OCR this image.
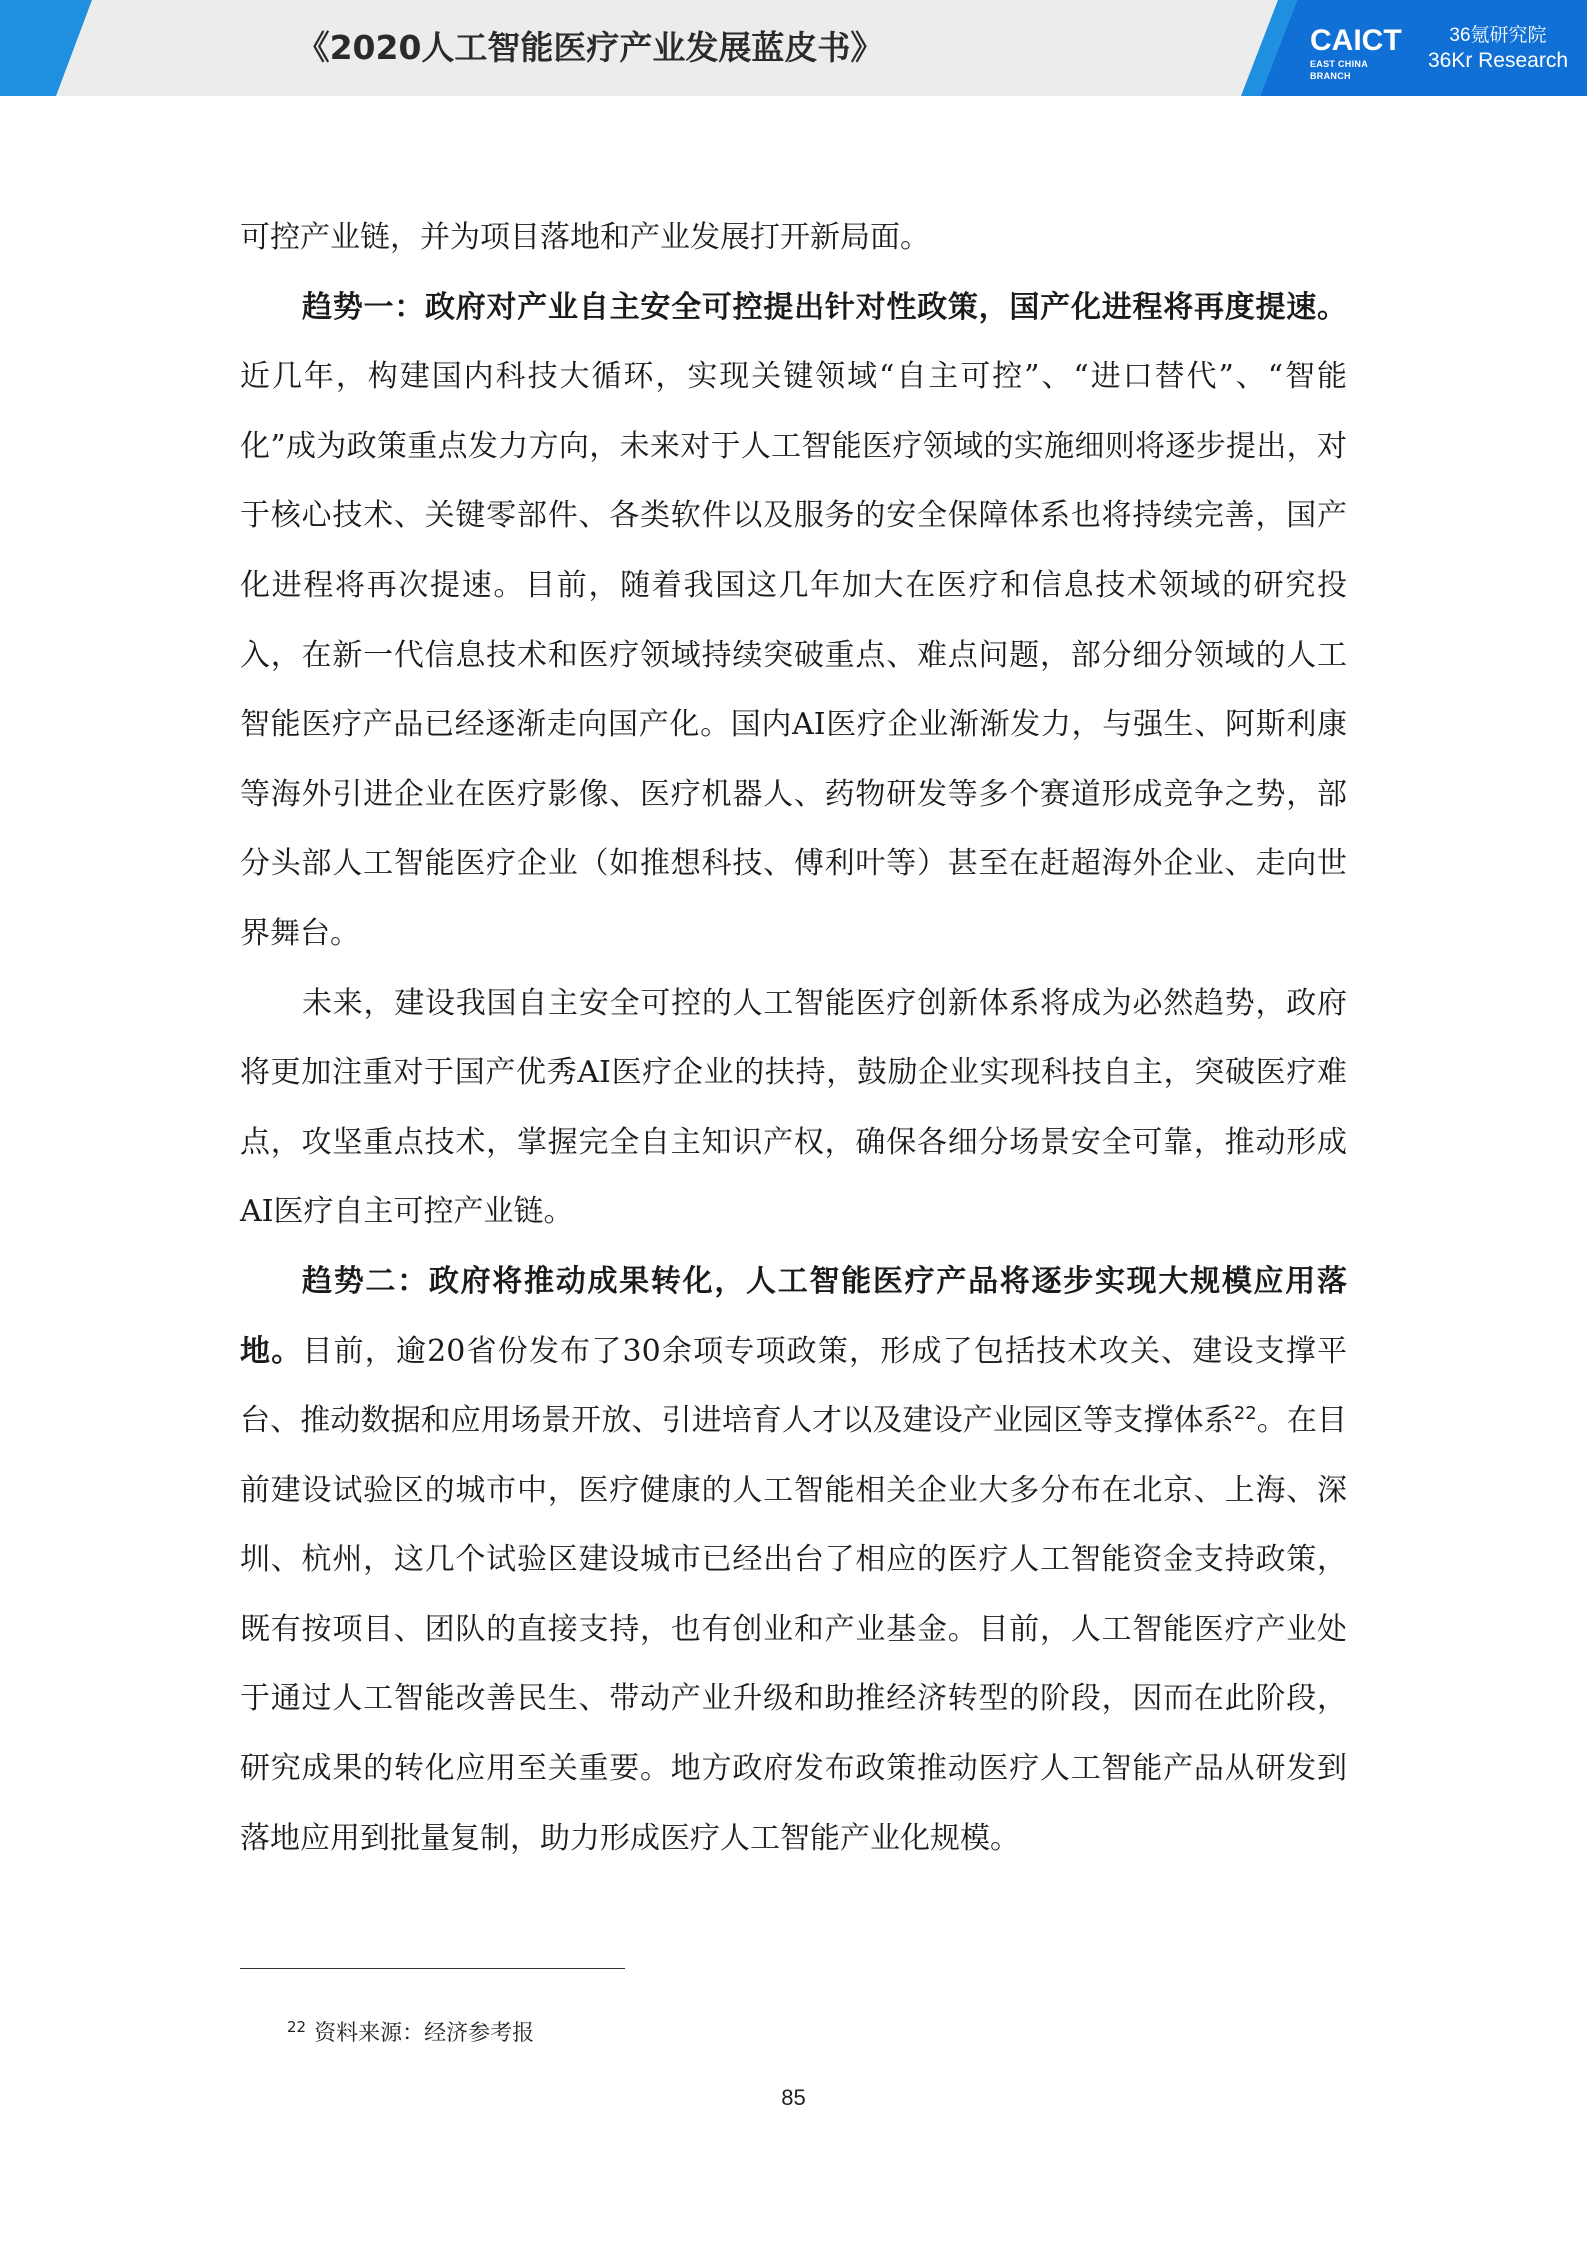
《2020人工智能医疗产业发展蓝皮书》	CAICT
EAST CHINA BRANCH
36氪研究院
36Kr Research

可控产业链，并为项目落地和产业发展打开新局面。

趋势一：政府对产业自主安全可控提出针对性政策，国产化进程将再度提速。近几年，构建国内科技大循环，实现关键领域“自主可控”、“进口替代”、“智能化”成为政策重点发力方向，未来对于人工智能医疗领域的实施细则将逐步提出，对于核心技术、关键零部件、各类软件以及服务的安全保障体系也将持续完善，国产化进程将再次提速。目前，随着我国这几年加大在医疗和信息技术领域的研究投入，在新一代信息技术和医疗领域持续突破重点、难点问题，部分细分领域的人工智能医疗产品已经逐渐走向国产化。国内AI医疗企业渐渐发力，与强生、阿斯利康等海外引进企业在医疗影像、医疗机器人、药物研发等多个赛道形成竞争之势，部分头部人工智能医疗企业（如推想科技、傅利叶等）甚至在赶超海外企业、走向世界舞台。

未来，建设我国自主安全可控的人工智能医疗创新体系将成为必然趋势，政府将更加注重对于国产优秀AI医疗企业的扶持，鼓励企业实现科技自主，突破医疗难点，攻坚重点技术，掌握完全自主知识产权，确保各细分场景安全可靠，推动形成AI医疗自主可控产业链。

趋势二：政府将推动成果转化，人工智能医疗产品将逐步实现大规模应用落地。目前，逾20省份发布了30余项专项政策，形成了包括技术攻关、建设支撑平台、推动数据和应用场景开放、引进培育人才以及建设产业园区等支撑体系$^{22}$。在目前建设试验区的城市中，医疗健康的人工智能相关企业大多分布在北京、上海、深圳、杭州，这几个试验区建设城市已经出台了相应的医疗人工智能资金支持政策，既有按项目、团队的直接支持，也有创业和产业基金。目前，人工智能医疗产业处于通过人工智能改善民生、带动产业升级和助推经济转型的阶段，因而在此阶段，研究成果的转化应用至关重要。地方政府发布政策推动医疗人工智能产品从研发到落地应用到批量复制，助力形成医疗人工智能产业化规模。

$^{22}$ 资料来源：经济参考报
85
